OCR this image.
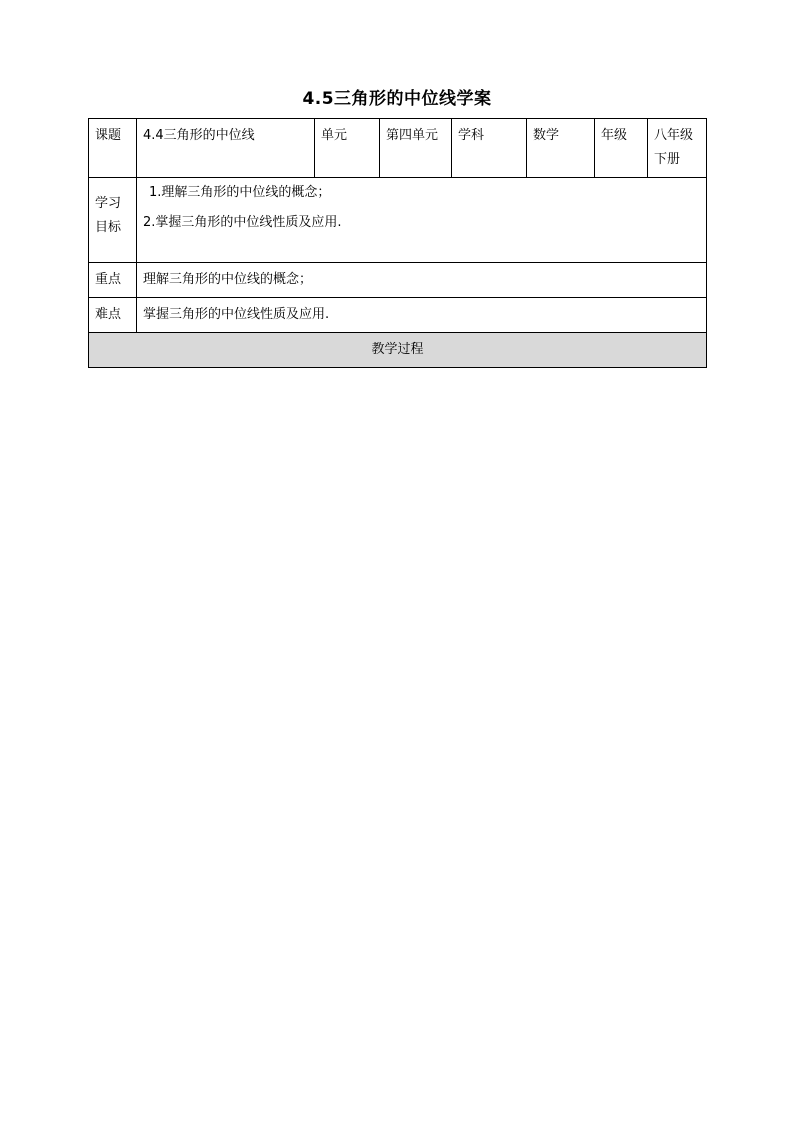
4.5三角形的中位线学案
课题	4.4三角形的中位线	单元	第四单元	学科	数学	年级	八年级下册
学习目标	1.理解三角形的中位线的概念；
2.掌握三角形的中位线性质及应用.						

重点	理解三角形的中位线的概念；						
难点	掌握三角形的中位线性质及应用.						
教学过程							
